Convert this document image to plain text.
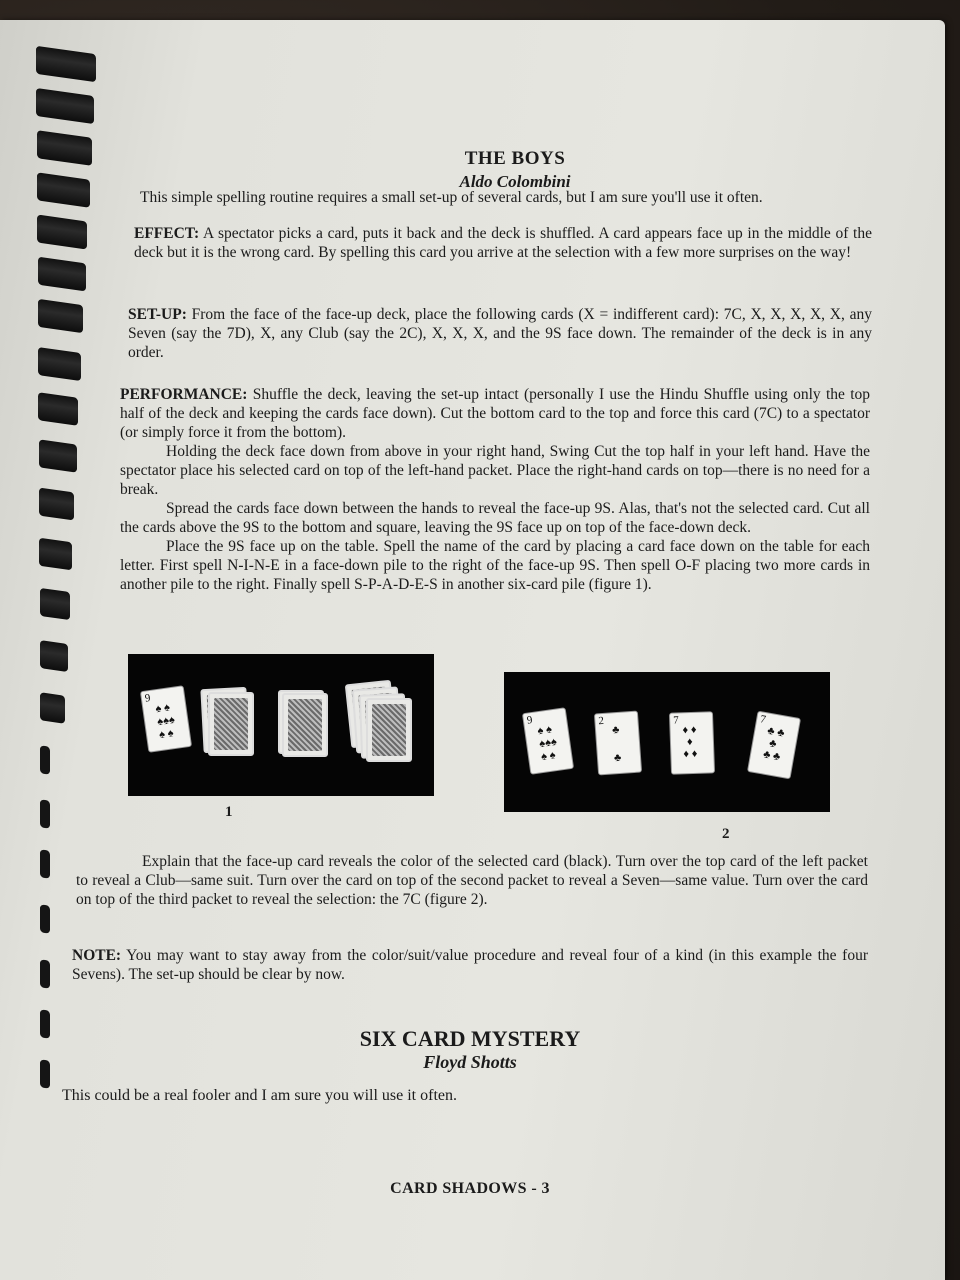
THE BOYS
Aldo Colombini

This simple spelling routine requires a small set-up of several cards, but I am sure you'll use it often.

EFFECT: A spectator picks a card, puts it back and the deck is shuffled. A card appears face up in the middle of the deck but it is the wrong card. By spelling this card you arrive at the selection with a few more surprises on the way!

SET-UP: From the face of the face-up deck, place the following cards (X = indifferent card): 7C, X, X, X, X, X, any Seven (say the 7D), X, any Club (say the 2C), X, X, X, and the 9S face down. The remainder of the deck is in any order.

PERFORMANCE: Shuffle the deck, leaving the set-up intact (personally I use the Hindu Shuffle using only the top half of the deck and keeping the cards face down). Cut the bottom card to the top and force this card (7C) to a spectator (or simply force it from the bottom).
Holding the deck face down from above in your right hand, Swing Cut the top half in your left hand. Have the spectator place his selected card on top of the left-hand packet. Place the right-hand cards on top—there is no need for a break.
Spread the cards face down between the hands to reveal the face-up 9S. Alas, that's not the selected card. Cut all the cards above the 9S to the bottom and square, leaving the 9S face up on top of the face-down deck.
Place the 9S face up on the table. Spell the name of the card by placing a card face down on the table for each letter. First spell N-I-N-E in a face-down pile to the right of the face-up 9S. Then spell O-F placing two more cards in another pile to the right. Finally spell S-P-A-D-E-S in another six-card pile (figure 1).

9
♠ ♠
♠♠♠
♠ ♠
1
9
♠ ♠
♠♠♠
♠ ♠
2
♣
♣
7
♦ ♦
♦
♦ ♦
7
♣ ♣
♣
♣ ♣
2

Explain that the face-up card reveals the color of the selected card (black). Turn over the top card of the left packet to reveal a Club—same suit. Turn over the card on top of the second packet to reveal a Seven—same value. Turn over the card on top of the third packet to reveal the selection: the 7C (figure 2).

NOTE: You may want to stay away from the color/suit/value procedure and reveal four of a kind (in this example the four Sevens). The set-up should be clear by now.

SIX CARD MYSTERY
Floyd Shotts

This could be a real fooler and I am sure you will use it often.

CARD SHADOWS - 3
